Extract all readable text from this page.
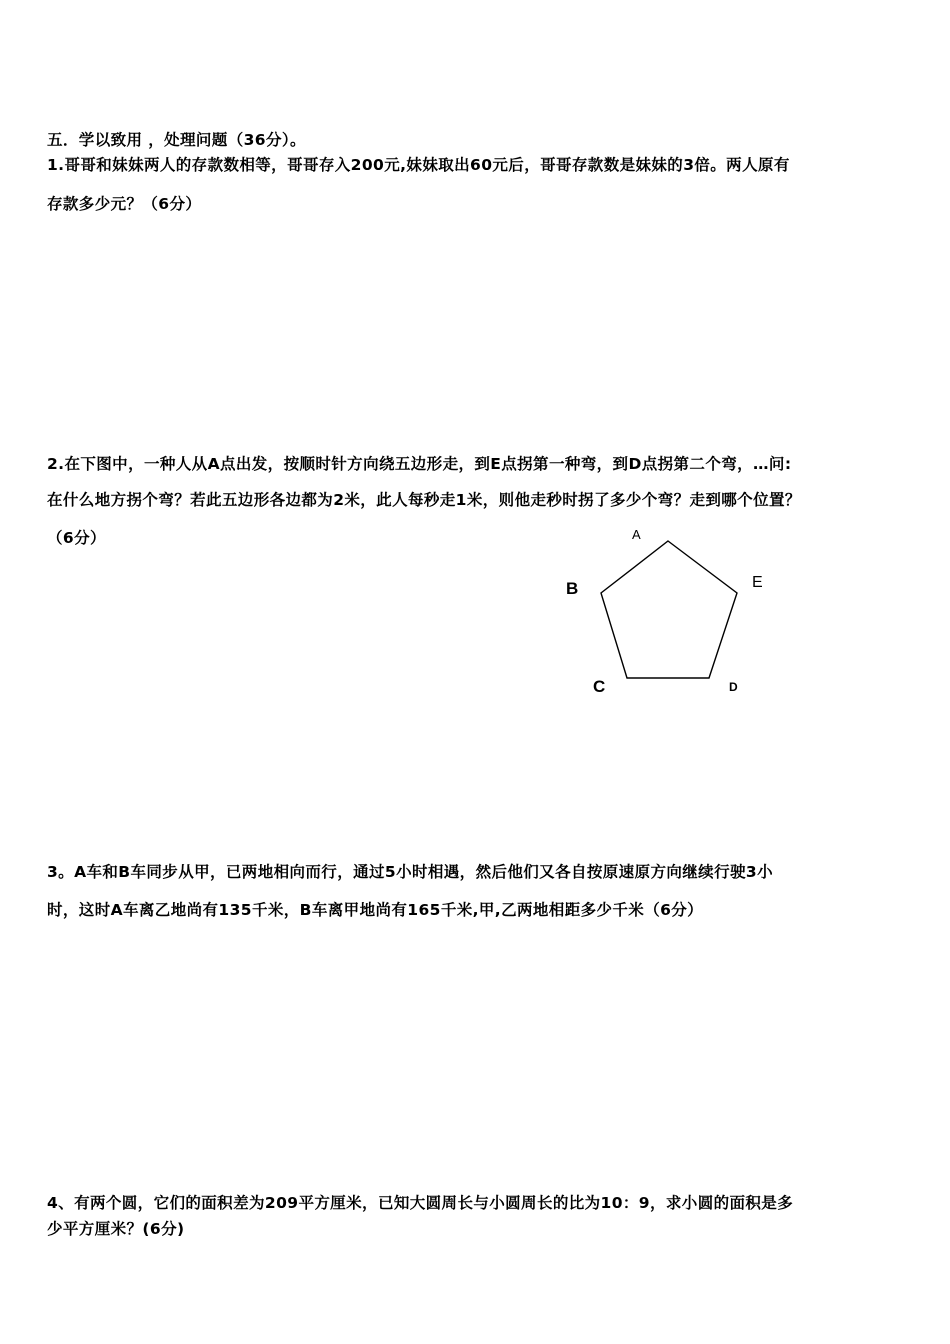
五．学以致用 ，处理问题（36分）。
1.哥哥和妹妹两人的存款数相等，哥哥存入200元,妹妹取出60元后，哥哥存款数是妹妹的3倍。两人原有
存款多少元？（6分）
2.在下图中，一种人从A点出发，按顺时针方向绕五边形走，到E点拐第一种弯，到D点拐第二个弯，…问:
在什么地方拐个弯？若此五边形各边都为2米，此人每秒走1米，则他走秒时拐了多少个弯？走到哪个位置？
（6分）	A
B
C	D
E
3。A车和B车同步从甲，已两地相向而行，通过5小时相遇，然后他们又各自按原速原方向继续行驶3小
时，这时A车离乙地尚有135千米，B车离甲地尚有165千米,甲,乙两地相距多少千米（6分）
4、有两个圆，它们的面积差为209平方厘米，已知大圆周长与小圆周长的比为10：9，求小圆的面积是多
少平方厘米？(6分)
